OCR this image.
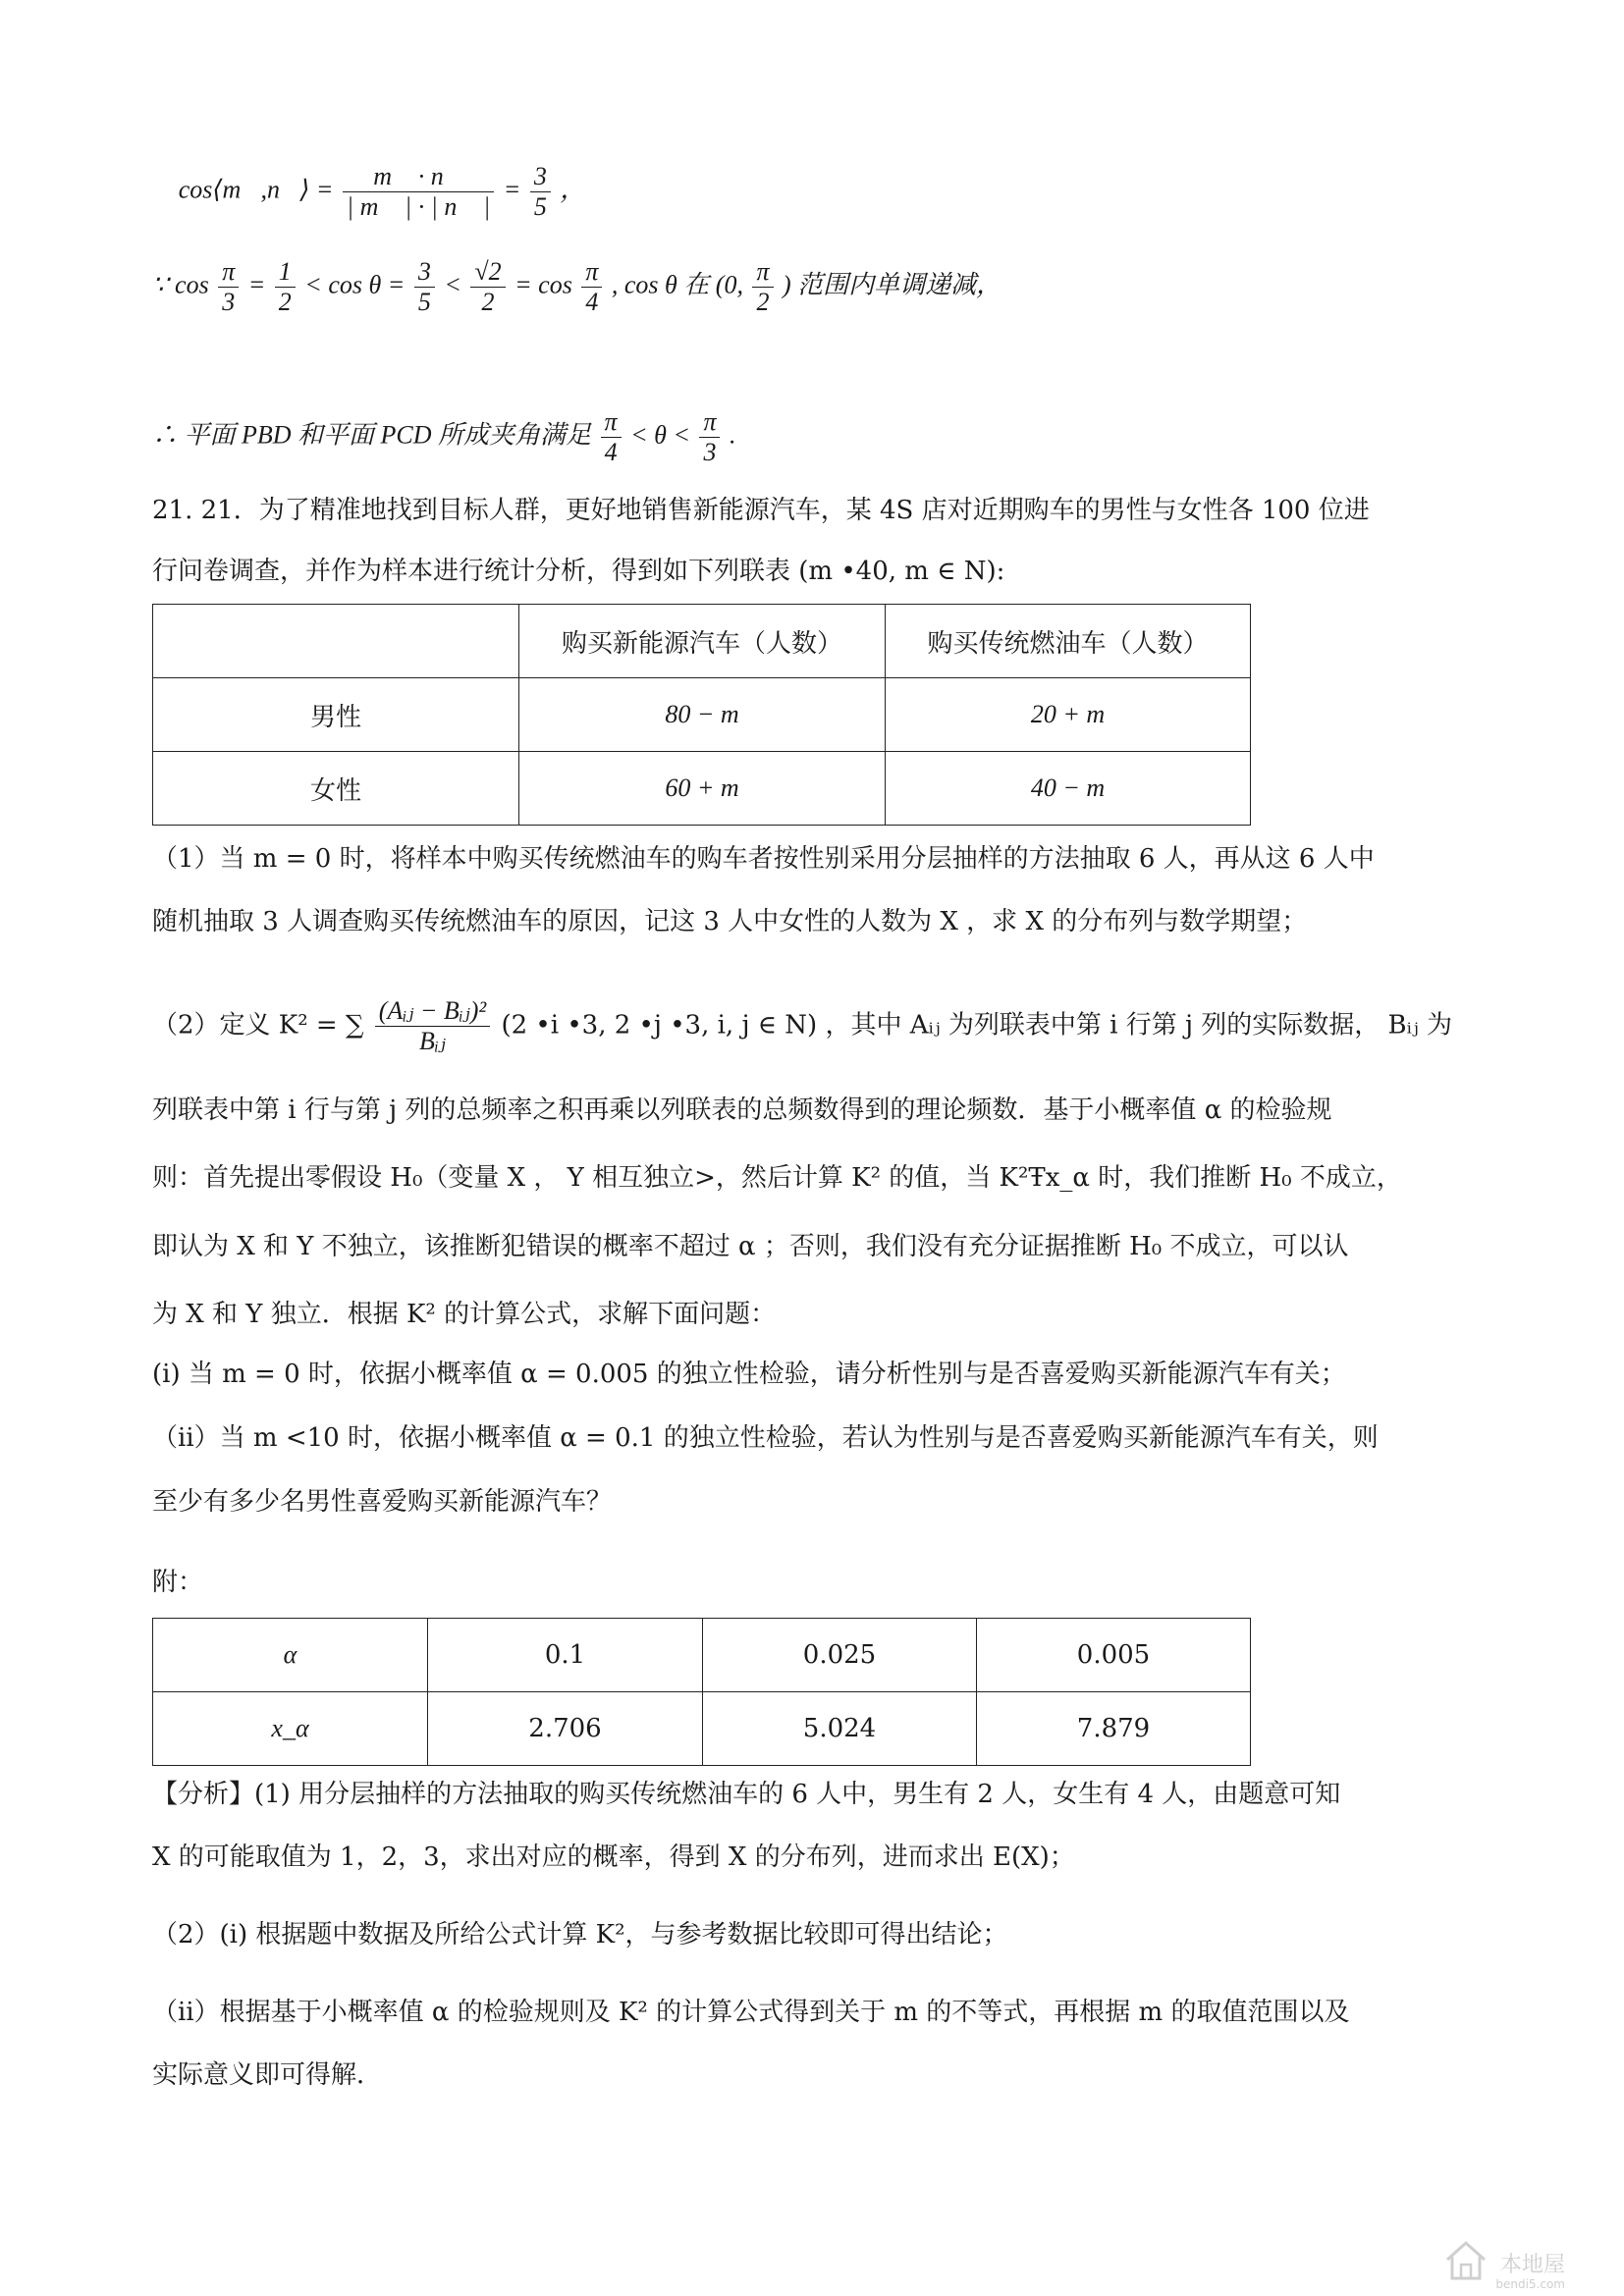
∴ cos⟨m⃗,n⃗⟩ = $\frac{m⃗ \cdot n⃗}{| m⃗ | \cdot | n⃗ |} = \frac{3}{5}$ ，
∵ $\cos \frac{\pi}{3} = \frac{1}{2} < \cos \theta = \frac{3}{5} < \frac{√2}{2} = \cos \frac{\pi}{4}$ , cos θ 在 (0, $\frac{\pi}{2}$ ) 范围内单调递减，
∴ 平面 PBD 和平面 PCD 所成夹角满足 $\frac{\pi}{4} < \theta < \frac{\pi}{3}$ .
21. 21．为了精准地找到目标人群，更好地销售新能源汽车，某 4S 店对近期购车的男性与女性各 100 位进
行问卷调查，并作为样本进行统计分析，得到如下列联表 (m •40, m ∈ N):
	购买新能源汽车（人数）	购买传统燃油车（人数）
男性	80 − m	20 + m
女性	60 + m	40 − m
（1）当 m = 0 时，将样本中购买传统燃油车的购车者按性别采用分层抽样的方法抽取 6 人，再从这 6 人中
随机抽取 3 人调查购买传统燃油车的原因，记这 3 人中女性的人数为 X ，求 X 的分布列与数学期望；
（2）定义 K² = ∑ $\frac{\text{(Aᵢⱼ − Bᵢⱼ)²}}{\text{Bᵢⱼ}} (2$ •i •3, 2 •j •3, i, j ∈ N) ，其中 Aᵢⱼ 为列联表中第 i 行第 j 列的实际数据， Bᵢⱼ 为
列联表中第 i 行与第 j 列的总频率之积再乘以列联表的总频数得到的理论频数．基于小概率值 α 的检验规
则：首先提出零假设 H₀（变量 X ， Y 相互独立>，然后计算 K² 的值，当 K²Ŧx_α 时，我们推断 H₀ 不成立，
即认为 X 和 Y 不独立，该推断犯错误的概率不超过 α ；否则，我们没有充分证据推断 H₀ 不成立，可以认
为 X 和 Y 独立．根据 K² 的计算公式，求解下面问题：
(i) 当 m = 0 时，依据小概率值 α = 0.005 的独立性检验，请分析性别与是否喜爱购买新能源汽车有关；
（ⅱ）当 m <10 时，依据小概率值 α = 0.1 的独立性检验，若认为性别与是否喜爱购买新能源汽车有关，则
至少有多少名男性喜爱购买新能源汽车？
附：
α	0.1	0.025	0.005
x_α	2.706	5.024	7.879
【分析】(1) 用分层抽样的方法抽取的购买传统燃油车的 6 人中，男生有 2 人，女生有 4 人，由题意可知
X 的可能取值为 1，2，3，求出对应的概率，得到 X 的分布列，进而求出 E(X)；
（2）(i) 根据题中数据及所给公式计算 K²，与参考数据比较即可得出结论；
（ⅱ）根据基于小概率值 α 的检验规则及 K² 的计算公式得到关于 m 的不等式，再根据 m 的取值范围以及
实际意义即可得解．
本地屋
bendi5.com
